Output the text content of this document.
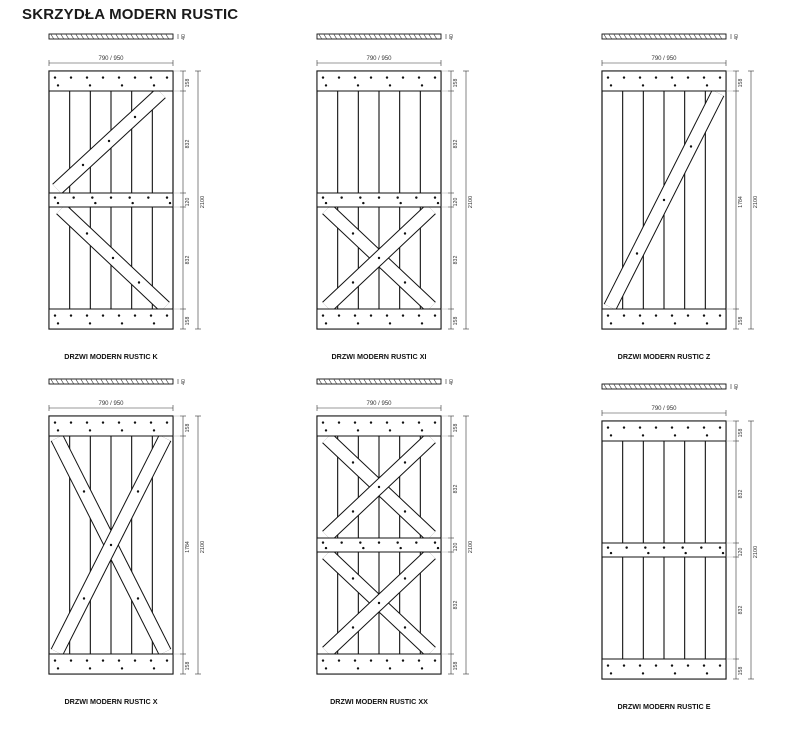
SKRZYDŁA MODERN RUSTIC
40
790 / 950
158
832
120
832
158
2100
DRZWI MODERN RUSTIC K
40
790 / 950
158
832
120
832
158
2100
DRZWI MODERN RUSTIC XI
40
790 / 950
158
1784
158
2100
DRZWI MODERN RUSTIC Z
40
790 / 950
158
1784
158
2100
DRZWI MODERN RUSTIC X
40
790 / 950
158
832
120
832
158
2100
DRZWI MODERN RUSTIC XX
40
790 / 950
158
832
120
832
158
2100
DRZWI MODERN RUSTIC E
